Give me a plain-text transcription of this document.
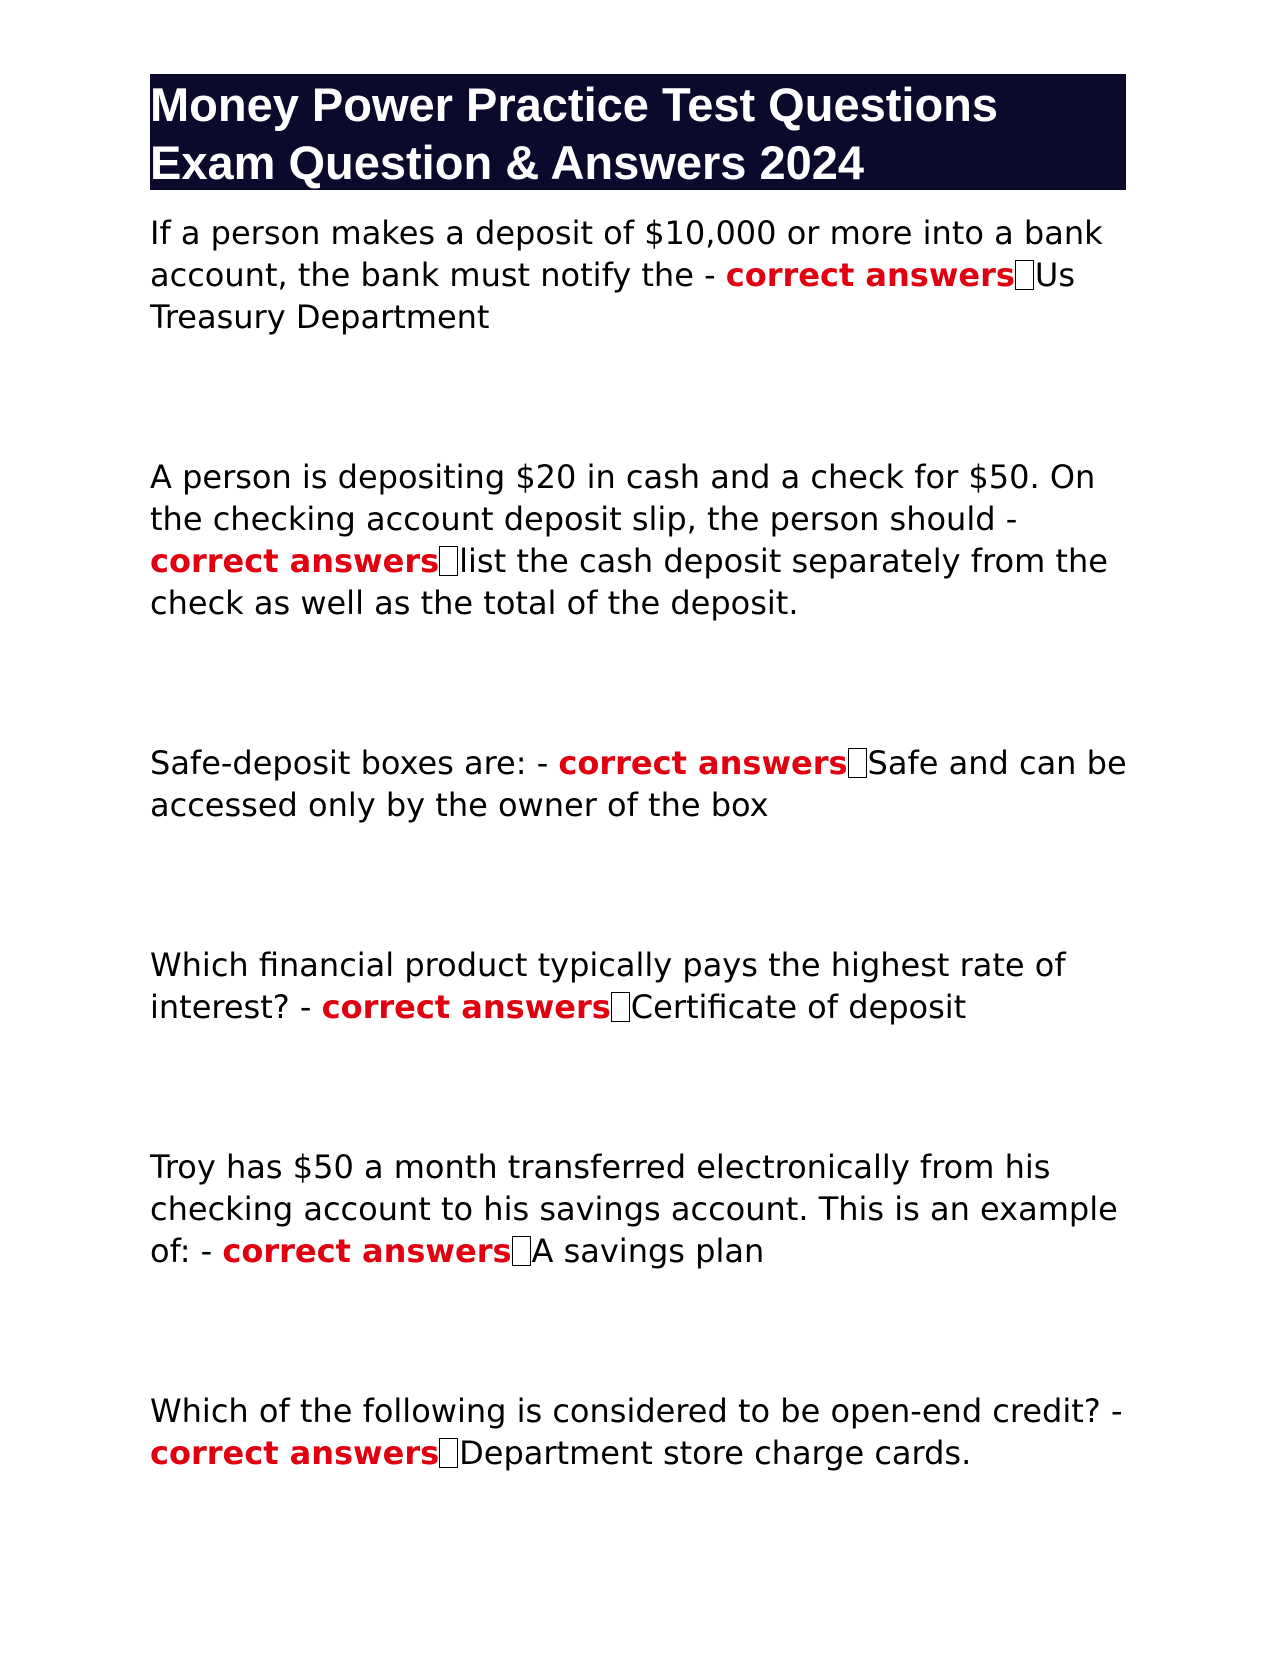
Money Power Practice Test Questions
Exam Question & Answers 2024

If a person makes a deposit of $10,000 or more into a bank account, the bank must notify the - correct answers Us Treasury Department

A person is depositing $20 in cash and a check for $50. On the checking account deposit slip, the person should - correct answers list the cash deposit separately from the check as well as the total of the deposit.

Safe-deposit boxes are: - correct answers Safe and can be accessed only by the owner of the box

Which financial product typically pays the highest rate of interest? - correct answers Certificate of deposit

Troy has $50 a month transferred electronically from his checking account to his savings account. This is an example of: - correct answers A savings plan

Which of the following is considered to be open-end credit? - correct answers Department store charge cards.
